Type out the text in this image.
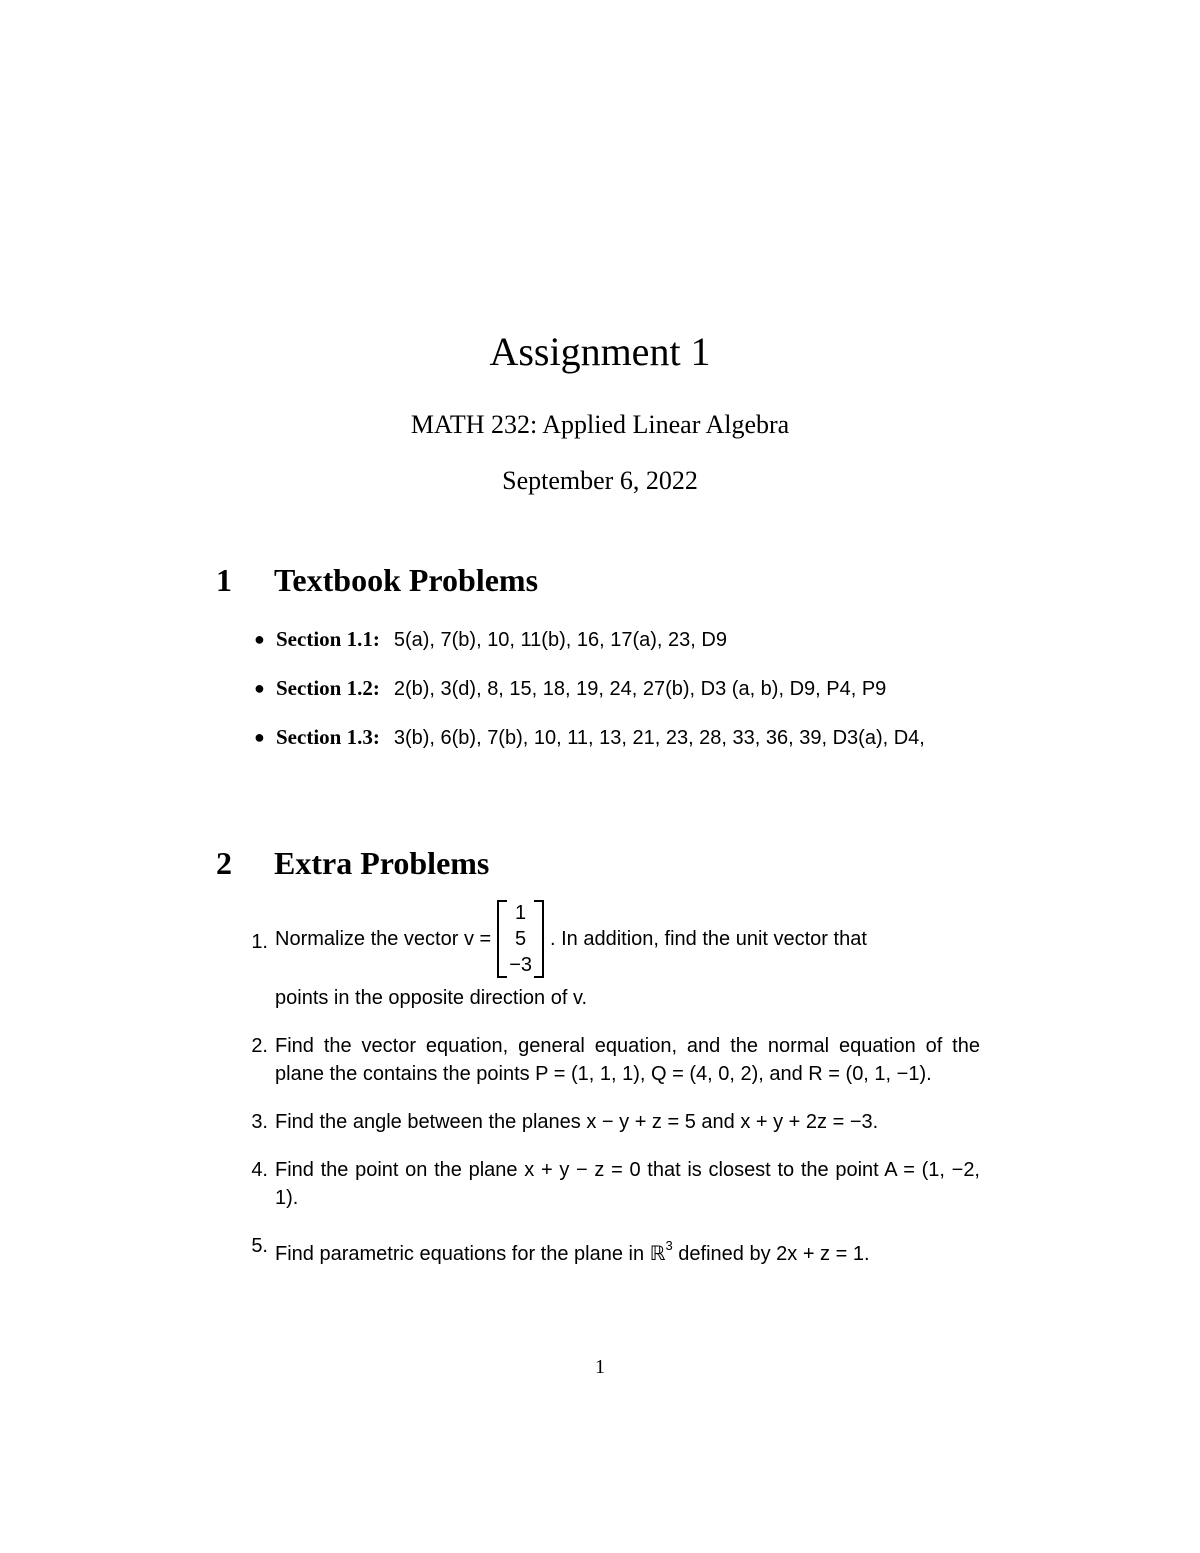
Assignment 1
MATH 232: Applied Linear Algebra
September 6, 2022
1 Textbook Problems
● Section 1.1: 5(a), 7(b), 10, 11(b), 16, 17(a), 23, D9
● Section 1.2: 2(b), 3(d), 8, 15, 18, 19, 24, 27(b), D3 (a, b), D9, P4, P9
● Section 1.3: 3(b), 6(b), 7(b), 10, 11, 13, 21, 23, 28, 33, 36, 39, D3(a), D4,
2 Extra Problems
1. Normalize the vector v =
1
5
−3
. In addition, find the unit vector that
points in the opposite direction of v.
2. Find the vector equation, general equation, and the normal equation of the plane the contains the points P = (1, 1, 1), Q = (4, 0, 2), and R = (0, 1, −1).
3. Find the angle between the planes x − y + z = 5 and x + y + 2z = −3.
4. Find the point on the plane x + y − z = 0 that is closest to the point A = (1, −2, 1).
5. Find parametric equations for the plane in ℝ$^3$ defined by 2x + z = 1.
1
